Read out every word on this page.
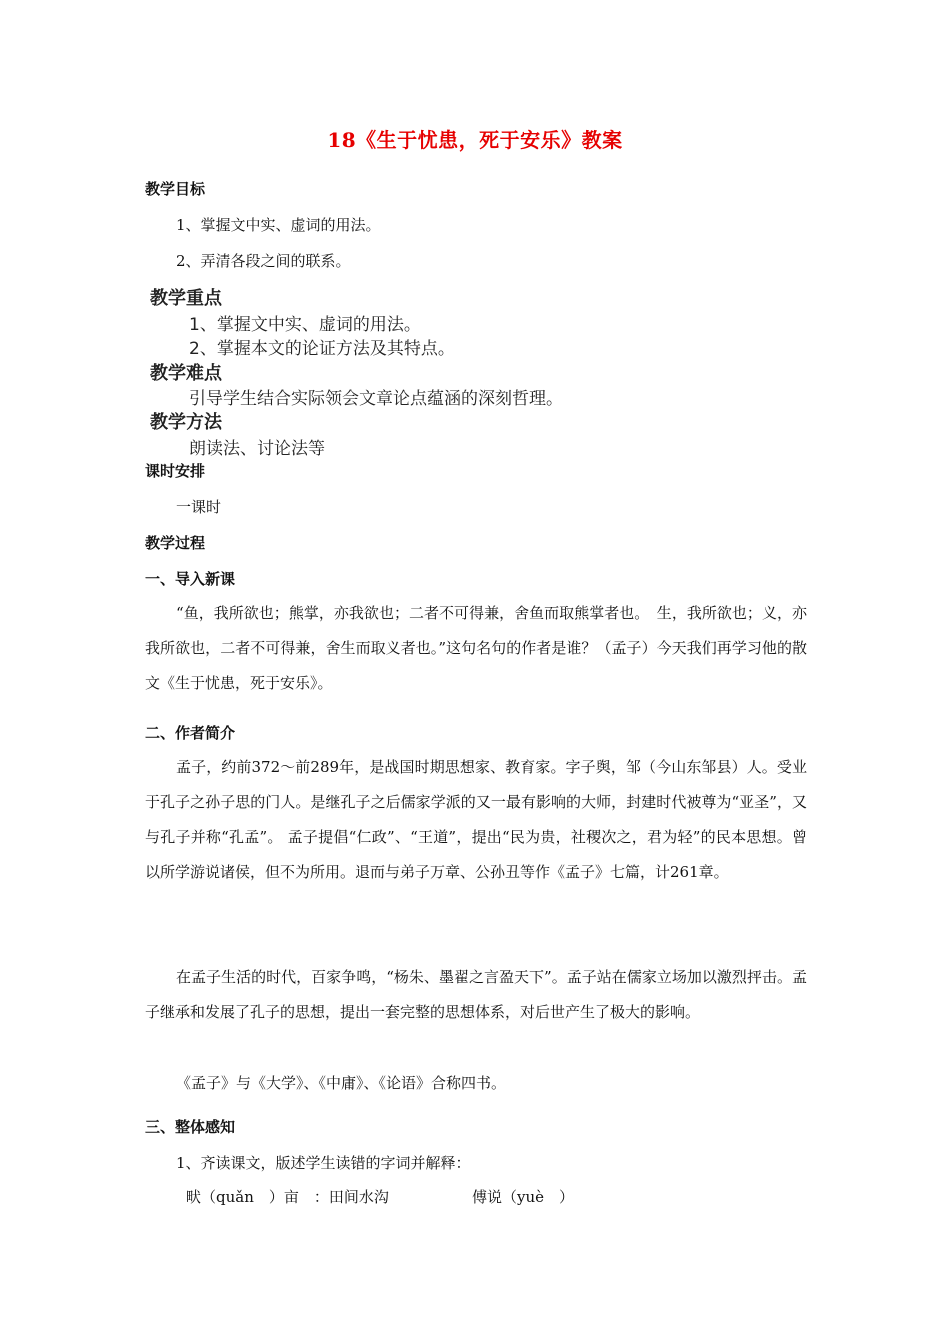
18《生于忧患，死于安乐》教案
教学目标
1、掌握文中实、虚词的用法。
2、弄清各段之间的联系。
教学重点
1、掌握文中实、虚词的用法。
2、掌握本文的论证方法及其特点。
教学难点
引导学生结合实际领会文章论点蕴涵的深刻哲理。
教学方法
朗读法、讨论法等
课时安排
一课时
教学过程
一、导入新课
“鱼，我所欲也；熊掌，亦我欲也；二者不可得兼，舍鱼而取熊掌者也。　生，我所欲也；义，亦我所欲也，二者不可得兼，舍生而取义者也。”这句名句的作者是谁？（孟子）今天我们再学习他的散文《生于忧患，死于安乐》。
二、作者简介
孟子，约前372～前289年，是战国时期思想家、教育家。字子舆，邹（今山东邹县）人。受业于孔子之孙子思的门人。是继孔子之后儒家学派的又一最有影响的大师，封建时代被尊为“亚圣”，又与孔子并称“孔孟”。 孟子提倡“仁政”、“王道”，提出“民为贵，社稷次之，君为轻”的民本思想。曾以所学游说诸侯，但不为所用。退而与弟子万章、公孙丑等作《孟子》七篇，计261章。
在孟子生活的时代，百家争鸣，“杨朱、墨翟之言盈天下”。孟子站在儒家立场加以激烈抨击。孟子继承和发展了孔子的思想，提出一套完整的思想体系，对后世产生了极大的影响。
《孟子》与《大学》、《中庸》、《论语》合称四书。
三、整体感知
1、齐读课文，版述学生读错的字词并解释：
畎（quǎn　）亩　：田间水沟	傅说（yuè　）
